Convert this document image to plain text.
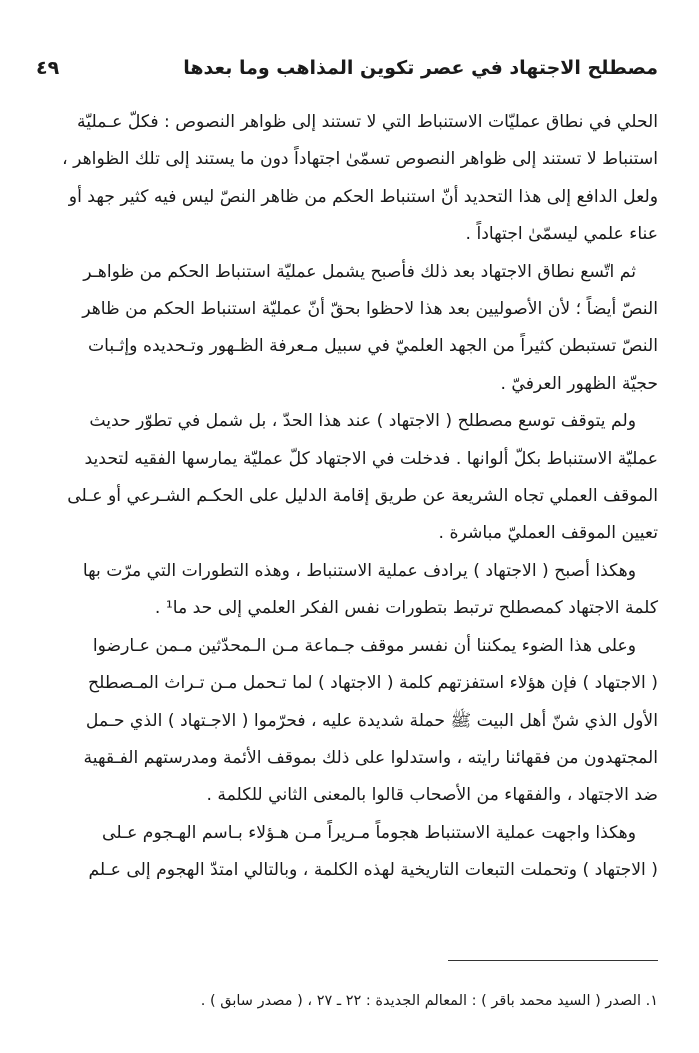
مصطلح الاجتهاد في عصر تكوين المذاهب وما بعدها
٤٩

الحلي في نطاق عمليّات الاستنباط التي لا تستند إلى ظواهر النصوص : فكلّ عـمليّة

استنباط لا تستند إلى ظواهر النصوص تسمّىٰ اجتهاداً دون ما يستند إلى تلك الظواهر ،

ولعل الدافع إلى هذا التحديد أنّ استنباط الحكم من ظاهر النصّ ليس فيه كثير جهد أو

عناء علمي ليسمّىٰ اجتهاداً .

ثم اتّسع نطاق الاجتهاد بعد ذلك فأصبح يشمل عمليّة استنباط الحكم من ظواهـر

النصّ أيضاً ؛ لأن الأصوليين بعد هذا لاحظوا بحقّ أنّ عمليّة استنباط الحكم من ظاهر

النصّ تستبطن كثيراً من الجهد العلميّ في سبيل مـعرفة الظـهور وتـحديده وإثـبات

حجيّة الظهور العرفيّ .

ولم يتوقف توسع مصطلح ( الاجتهاد ) عند هذا الحدّ ، بل شمل في تطوّر حديث

عمليّة الاستنباط بكلّ ألوانها . فدخلت في الاجتهاد كلّ عمليّة يمارسها الفقيه لتحديد

الموقف العملي تجاه الشريعة عن طريق إقامة الدليل على الحكـم الشـرعي أو عـلى

تعيين الموقف العمليّ مباشرة .

وهكذا أصبح ( الاجتهاد ) يرادف عملية الاستنباط ، وهذه التطورات التي مرّت بها

كلمة الاجتهاد كمصطلح ترتبط بتطورات نفس الفكر العلمي إلى حد ما¹ .

وعلى هذا الضوء يمكننا أن نفسر موقف جـماعة مـن الـمحدّثين مـمن عـارضوا

( الاجتهاد ) فإن هؤلاء استفزتهم كلمة ( الاجتهاد ) لما تـحمل مـن تـراث المـصطلح

الأول الذي شنّ أهل البيت ﷺ حملة شديدة عليه ، فحرّموا ( الاجـتهاد ) الذي حـمل

المجتهدون من فقهائنا رايته ، واستدلوا على ذلك بموقف الأئمة ومدرستهم الفـقهية

ضد الاجتهاد ، والفقهاء من الأصحاب قالوا بالمعنى الثاني للكلمة .

وهكذا واجهت عملية الاستنباط هجوماً مـريراً مـن هـؤلاء بـاسم الهـجوم عـلى

( الاجتهاد ) وتحملت التبعات التاريخية لهذه الكلمة ، وبالتالي امتدّ الهجوم إلى عـلم

١. الصدر ( السيد محمد باقر ) : المعالم الجديدة : ٢٢ ـ ٢٧ ، ( مصدر سابق ) .
